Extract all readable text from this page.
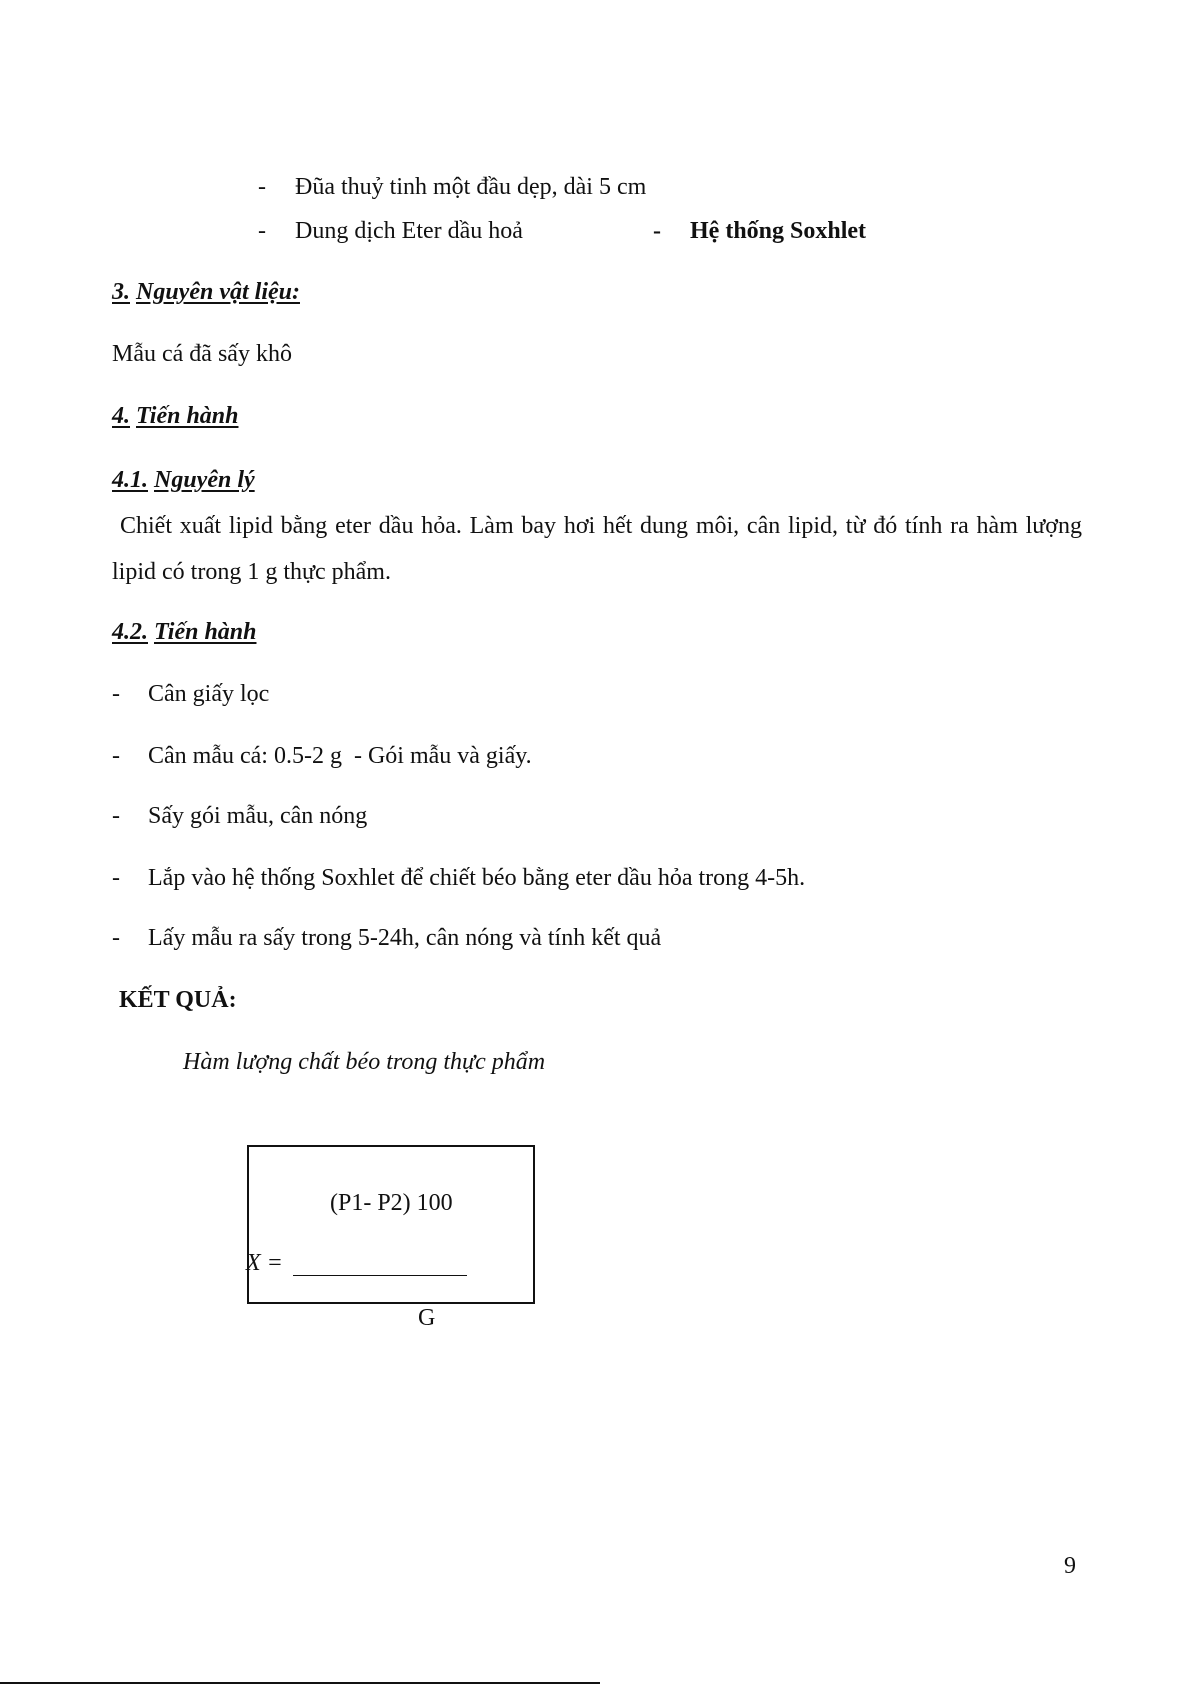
- Đũa thuỷ tinh một đầu dẹp, dài 5 cm
- Dung dịch Eter dầu hoả	- Hệ thống Soxhlet
3. Nguyên vật liệu:
Mẫu cá đã sấy khô
4. Tiến hành
4.1. Nguyên lý
Chiết xuất lipid bằng eter dầu hỏa. Làm bay hơi hết dung môi, cân lipid, từ đó tính ra hàm lượng lipid có trong 1 g thực phẩm.
4.2. Tiến hành
- Cân giấy lọc
- Cân mẫu cá: 0.5-2 g  - Gói mẫu và giấy.
- Sấy gói mẫu, cân nóng
- Lắp vào hệ thống Soxhlet để chiết béo bằng eter dầu hỏa trong 4-5h.
- Lấy mẫu ra sấy trong 5-24h, cân nóng và tính kết quả
KẾT QUẢ:
Hàm lượng chất béo trong thực phẩm
(P1- P2) 100
X =
G
9
